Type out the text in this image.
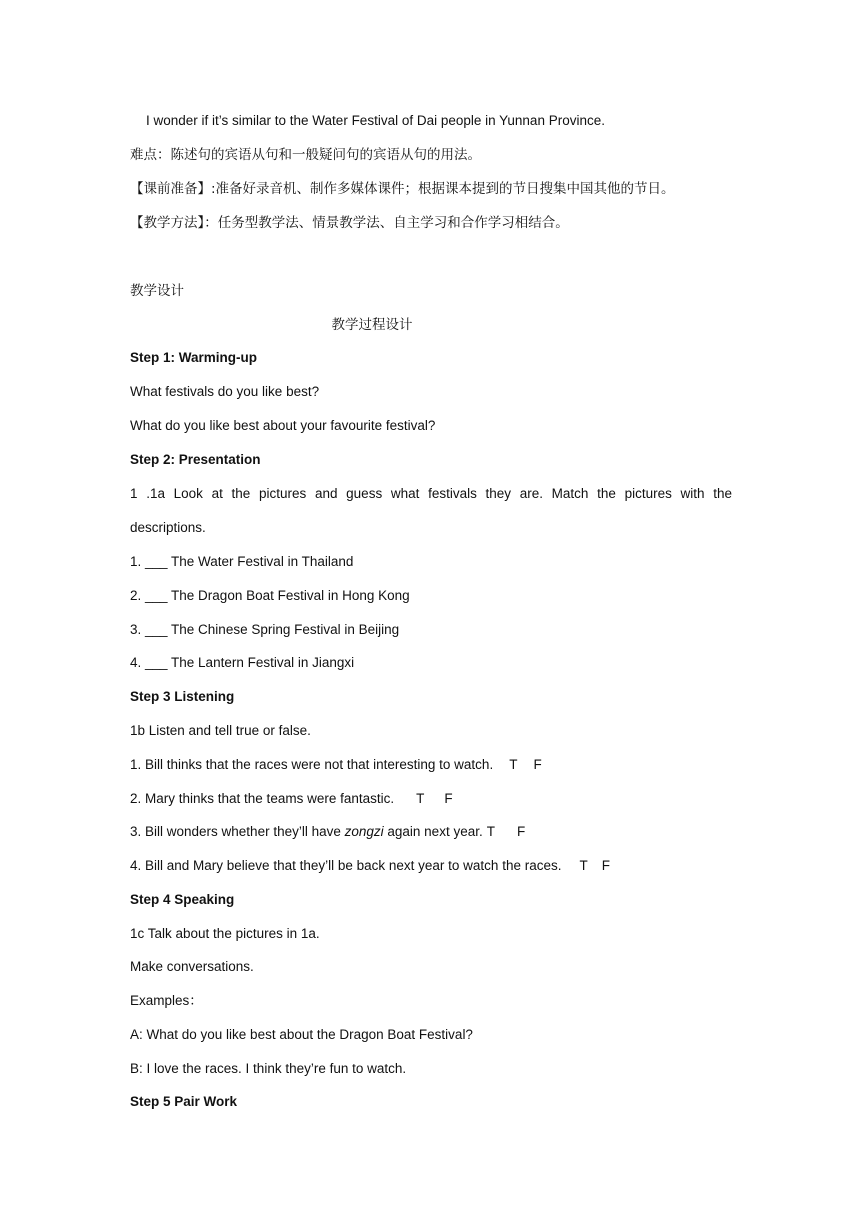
I wonder if it’s similar to the Water Festival of Dai people in Yunnan Province.
难点：陈述句的宾语从句和一般疑问句的宾语从句的用法。
【课前准备】:准备好录音机、制作多媒体课件；根据课本提到的节日搜集中国其他的节日。
【教学方法】：任务型教学法、情景教学法、自主学习和合作学习相结合。
教学设计
教学过程设计
Step 1: Warming-up
What festivals do you like best?
What do you like best about your favourite festival?
Step 2: Presentation
1 .1a Look at the pictures and guess what festivals they are. Match the pictures with the
descriptions.
1. ___ The Water Festival in Thailand
2. ___ The Dragon Boat Festival in Hong Kong
3. ___ The Chinese Spring Festival in Beijing
4. ___ The Lantern Festival in Jiangxi
Step 3 Listening
1b Listen and tell true or false.
1. Bill thinks that the races were not that interesting to watch. T F
2. Mary thinks that the teams were fantastic. T F
3. Bill wonders whether they’ll have zongzi again next year. T F
4. Bill and Mary believe that they’ll be back next year to watch the races. T F
Step 4 Speaking
1c Talk about the pictures in 1a.
Make conversations.
Examples：
A: What do you like best about the Dragon Boat Festival?
B: I love the races. I think they’re fun to watch.
Step 5 Pair Work
